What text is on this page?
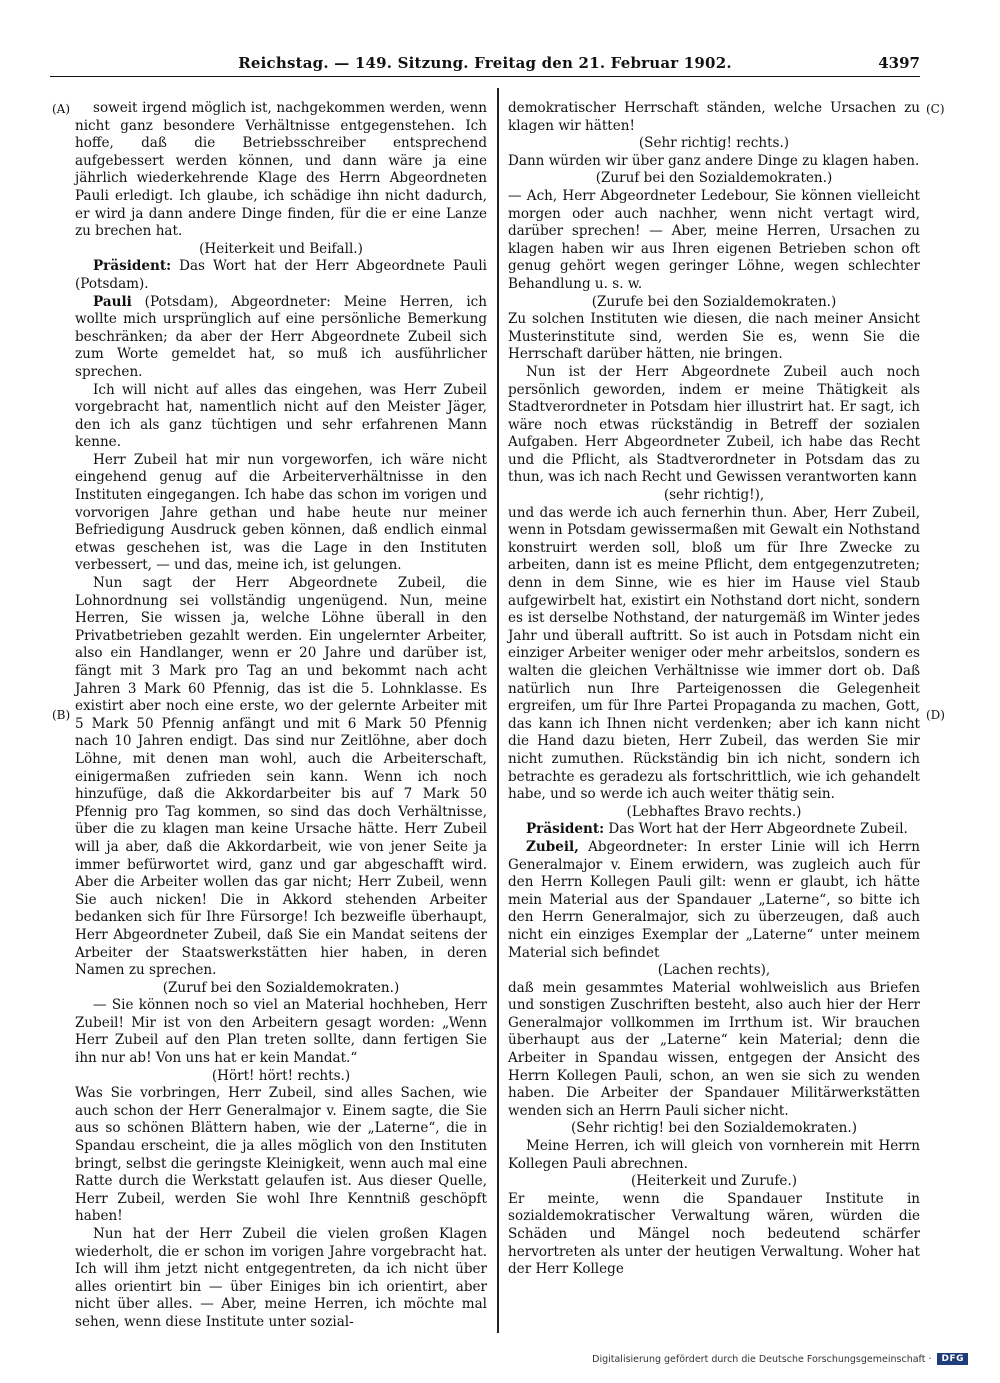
Reichstag. — 149. Sitzung. Freitag den 21. Februar 1902.	4397
(A)
(B)
(C)
(D)

soweit irgend möglich ist, nachgekommen werden, wenn nicht ganz besondere Verhältnisse entgegenstehen. Ich hoffe, daß die Betriebsschreiber entsprechend aufgebessert werden können, und dann wäre ja eine jährlich wiederkehrende Klage des Herrn Abgeordneten Pauli erledigt. Ich glaube, ich schädige ihn nicht dadurch, er wird ja dann andere Dinge finden, für die er eine Lanze zu brechen hat.

(Heiterkeit und Beifall.)

Präsident: Das Wort hat der Herr Abgeordnete Pauli (Potsdam).

Pauli (Potsdam), Abgeordneter: Meine Herren, ich wollte mich ursprünglich auf eine persönliche Bemerkung beschränken; da aber der Herr Abgeordnete Zubeil sich zum Worte gemeldet hat, so muß ich ausführlicher sprechen.

Ich will nicht auf alles das eingehen, was Herr Zubeil vorgebracht hat, namentlich nicht auf den Meister Jäger, den ich als ganz tüchtigen und sehr erfahrenen Mann kenne.

Herr Zubeil hat mir nun vorgeworfen, ich wäre nicht eingehend genug auf die Arbeiterverhältnisse in den Instituten eingegangen. Ich habe das schon im vorigen und vorvorigen Jahre gethan und habe heute nur meiner Befriedigung Ausdruck geben können, daß endlich einmal etwas geschehen ist, was die Lage in den Instituten verbessert, — und das, meine ich, ist gelungen.

Nun sagt der Herr Abgeordnete Zubeil, die Lohnordnung sei vollständig ungenügend. Nun, meine Herren, Sie wissen ja, welche Löhne überall in den Privatbetrieben gezahlt werden. Ein ungelernter Arbeiter, also ein Handlanger, wenn er 20 Jahre und darüber ist, fängt mit 3 Mark pro Tag an und bekommt nach acht Jahren 3 Mark 60 Pfennig, das ist die 5. Lohnklasse. Es existirt aber noch eine erste, wo der gelernte Arbeiter mit 5 Mark 50 Pfennig anfängt und mit 6 Mark 50 Pfennig nach 10 Jahren endigt. Das sind nur Zeitlöhne, aber doch Löhne, mit denen man wohl, auch die Arbeiterschaft, einigermaßen zufrieden sein kann. Wenn ich noch hinzufüge, daß die Akkordarbeiter bis auf 7 Mark 50 Pfennig pro Tag kommen, so sind das doch Verhältnisse, über die zu klagen man keine Ursache hätte. Herr Zubeil will ja aber, daß die Akkordarbeit, wie von jener Seite ja immer befürwortet wird, ganz und gar abgeschafft wird. Aber die Arbeiter wollen das gar nicht; Herr Zubeil, wenn Sie auch nicken! Die in Akkord stehenden Arbeiter bedanken sich für Ihre Fürsorge! Ich bezweifle überhaupt, Herr Abgeordneter Zubeil, daß Sie ein Mandat seitens der Arbeiter der Staatswerkstätten hier haben, in deren Namen zu sprechen.

(Zuruf bei den Sozialdemokraten.)

— Sie können noch so viel an Material hochheben, Herr Zubeil! Mir ist von den Arbeitern gesagt worden: „Wenn Herr Zubeil auf den Plan treten sollte, dann fertigen Sie ihn nur ab! Von uns hat er kein Mandat.“

(Hört! hört! rechts.)

Was Sie vorbringen, Herr Zubeil, sind alles Sachen, wie auch schon der Herr Generalmajor v. Einem sagte, die Sie aus so schönen Blättern haben, wie der „Laterne“, die in Spandau erscheint, die ja alles möglich von den Instituten bringt, selbst die geringste Kleinigkeit, wenn auch mal eine Ratte durch die Werkstatt gelaufen ist. Aus dieser Quelle, Herr Zubeil, werden Sie wohl Ihre Kenntniß geschöpft haben!

Nun hat der Herr Zubeil die vielen großen Klagen wiederholt, die er schon im vorigen Jahre vorgebracht hat. Ich will ihm jetzt nicht entgegentreten, da ich nicht über alles orientirt bin — über Einiges bin ich orientirt, aber nicht über alles. — Aber, meine Herren, ich möchte mal sehen, wenn diese Institute unter sozial-

demokratischer Herrschaft ständen, welche Ursachen zu klagen wir hätten!

(Sehr richtig! rechts.)

Dann würden wir über ganz andere Dinge zu klagen haben.

(Zuruf bei den Sozialdemokraten.)

— Ach, Herr Abgeordneter Ledebour, Sie können vielleicht morgen oder auch nachher, wenn nicht vertagt wird, darüber sprechen! — Aber, meine Herren, Ursachen zu klagen haben wir aus Ihren eigenen Betrieben schon oft genug gehört wegen geringer Löhne, wegen schlechter Behandlung u. s. w.

(Zurufe bei den Sozialdemokraten.)

Zu solchen Instituten wie diesen, die nach meiner Ansicht Musterinstitute sind, werden Sie es, wenn Sie die Herrschaft darüber hätten, nie bringen.

Nun ist der Herr Abgeordnete Zubeil auch noch persönlich geworden, indem er meine Thätigkeit als Stadtverordneter in Potsdam hier illustrirt hat. Er sagt, ich wäre noch etwas rückständig in Betreff der sozialen Aufgaben. Herr Abgeordneter Zubeil, ich habe das Recht und die Pflicht, als Stadtverordneter in Potsdam das zu thun, was ich nach Recht und Gewissen verantworten kann

(sehr richtig!),

und das werde ich auch fernerhin thun. Aber, Herr Zubeil, wenn in Potsdam gewissermaßen mit Gewalt ein Nothstand konstruirt werden soll, bloß um für Ihre Zwecke zu arbeiten, dann ist es meine Pflicht, dem entgegenzutreten; denn in dem Sinne, wie es hier im Hause viel Staub aufgewirbelt hat, existirt ein Nothstand dort nicht, sondern es ist derselbe Nothstand, der naturgemäß im Winter jedes Jahr und überall auftritt. So ist auch in Potsdam nicht ein einziger Arbeiter weniger oder mehr arbeitslos, sondern es walten die gleichen Verhältnisse wie immer dort ob. Daß natürlich nun Ihre Parteigenossen die Gelegenheit ergreifen, um für Ihre Partei Propaganda zu machen, Gott, das kann ich Ihnen nicht verdenken; aber ich kann nicht die Hand dazu bieten, Herr Zubeil, das werden Sie mir nicht zumuthen. Rückständig bin ich nicht, sondern ich betrachte es geradezu als fortschrittlich, wie ich gehandelt habe, und so werde ich auch weiter thätig sein.

(Lebhaftes Bravo rechts.)

Präsident: Das Wort hat der Herr Abgeordnete Zubeil.

Zubeil, Abgeordneter: In erster Linie will ich Herrn Generalmajor v. Einem erwidern, was zugleich auch für den Herrn Kollegen Pauli gilt: wenn er glaubt, ich hätte mein Material aus der Spandauer „Laterne“, so bitte ich den Herrn Generalmajor, sich zu überzeugen, daß auch nicht ein einziges Exemplar der „Laterne“ unter meinem Material sich befindet

(Lachen rechts),

daß mein gesammtes Material wohlweislich aus Briefen und sonstigen Zuschriften besteht, also auch hier der Herr Generalmajor vollkommen im Irrthum ist. Wir brauchen überhaupt aus der „Laterne“ kein Material; denn die Arbeiter in Spandau wissen, entgegen der Ansicht des Herrn Kollegen Pauli, schon, an wen sie sich zu wenden haben. Die Arbeiter der Spandauer Militärwerkstätten wenden sich an Herrn Pauli sicher nicht.

(Sehr richtig! bei den Sozialdemokraten.)

Meine Herren, ich will gleich von vornherein mit Herrn Kollegen Pauli abrechnen.

(Heiterkeit und Zurufe.)

Er meinte, wenn die Spandauer Institute in sozialdemokratischer Verwaltung wären, würden die Schäden und Mängel noch bedeutend schärfer hervortreten als unter der heutigen Verwaltung. Woher hat der Herr Kollege

Digitalisierung gefördert durch die Deutsche Forschungsgemeinschaft ·	DFG
